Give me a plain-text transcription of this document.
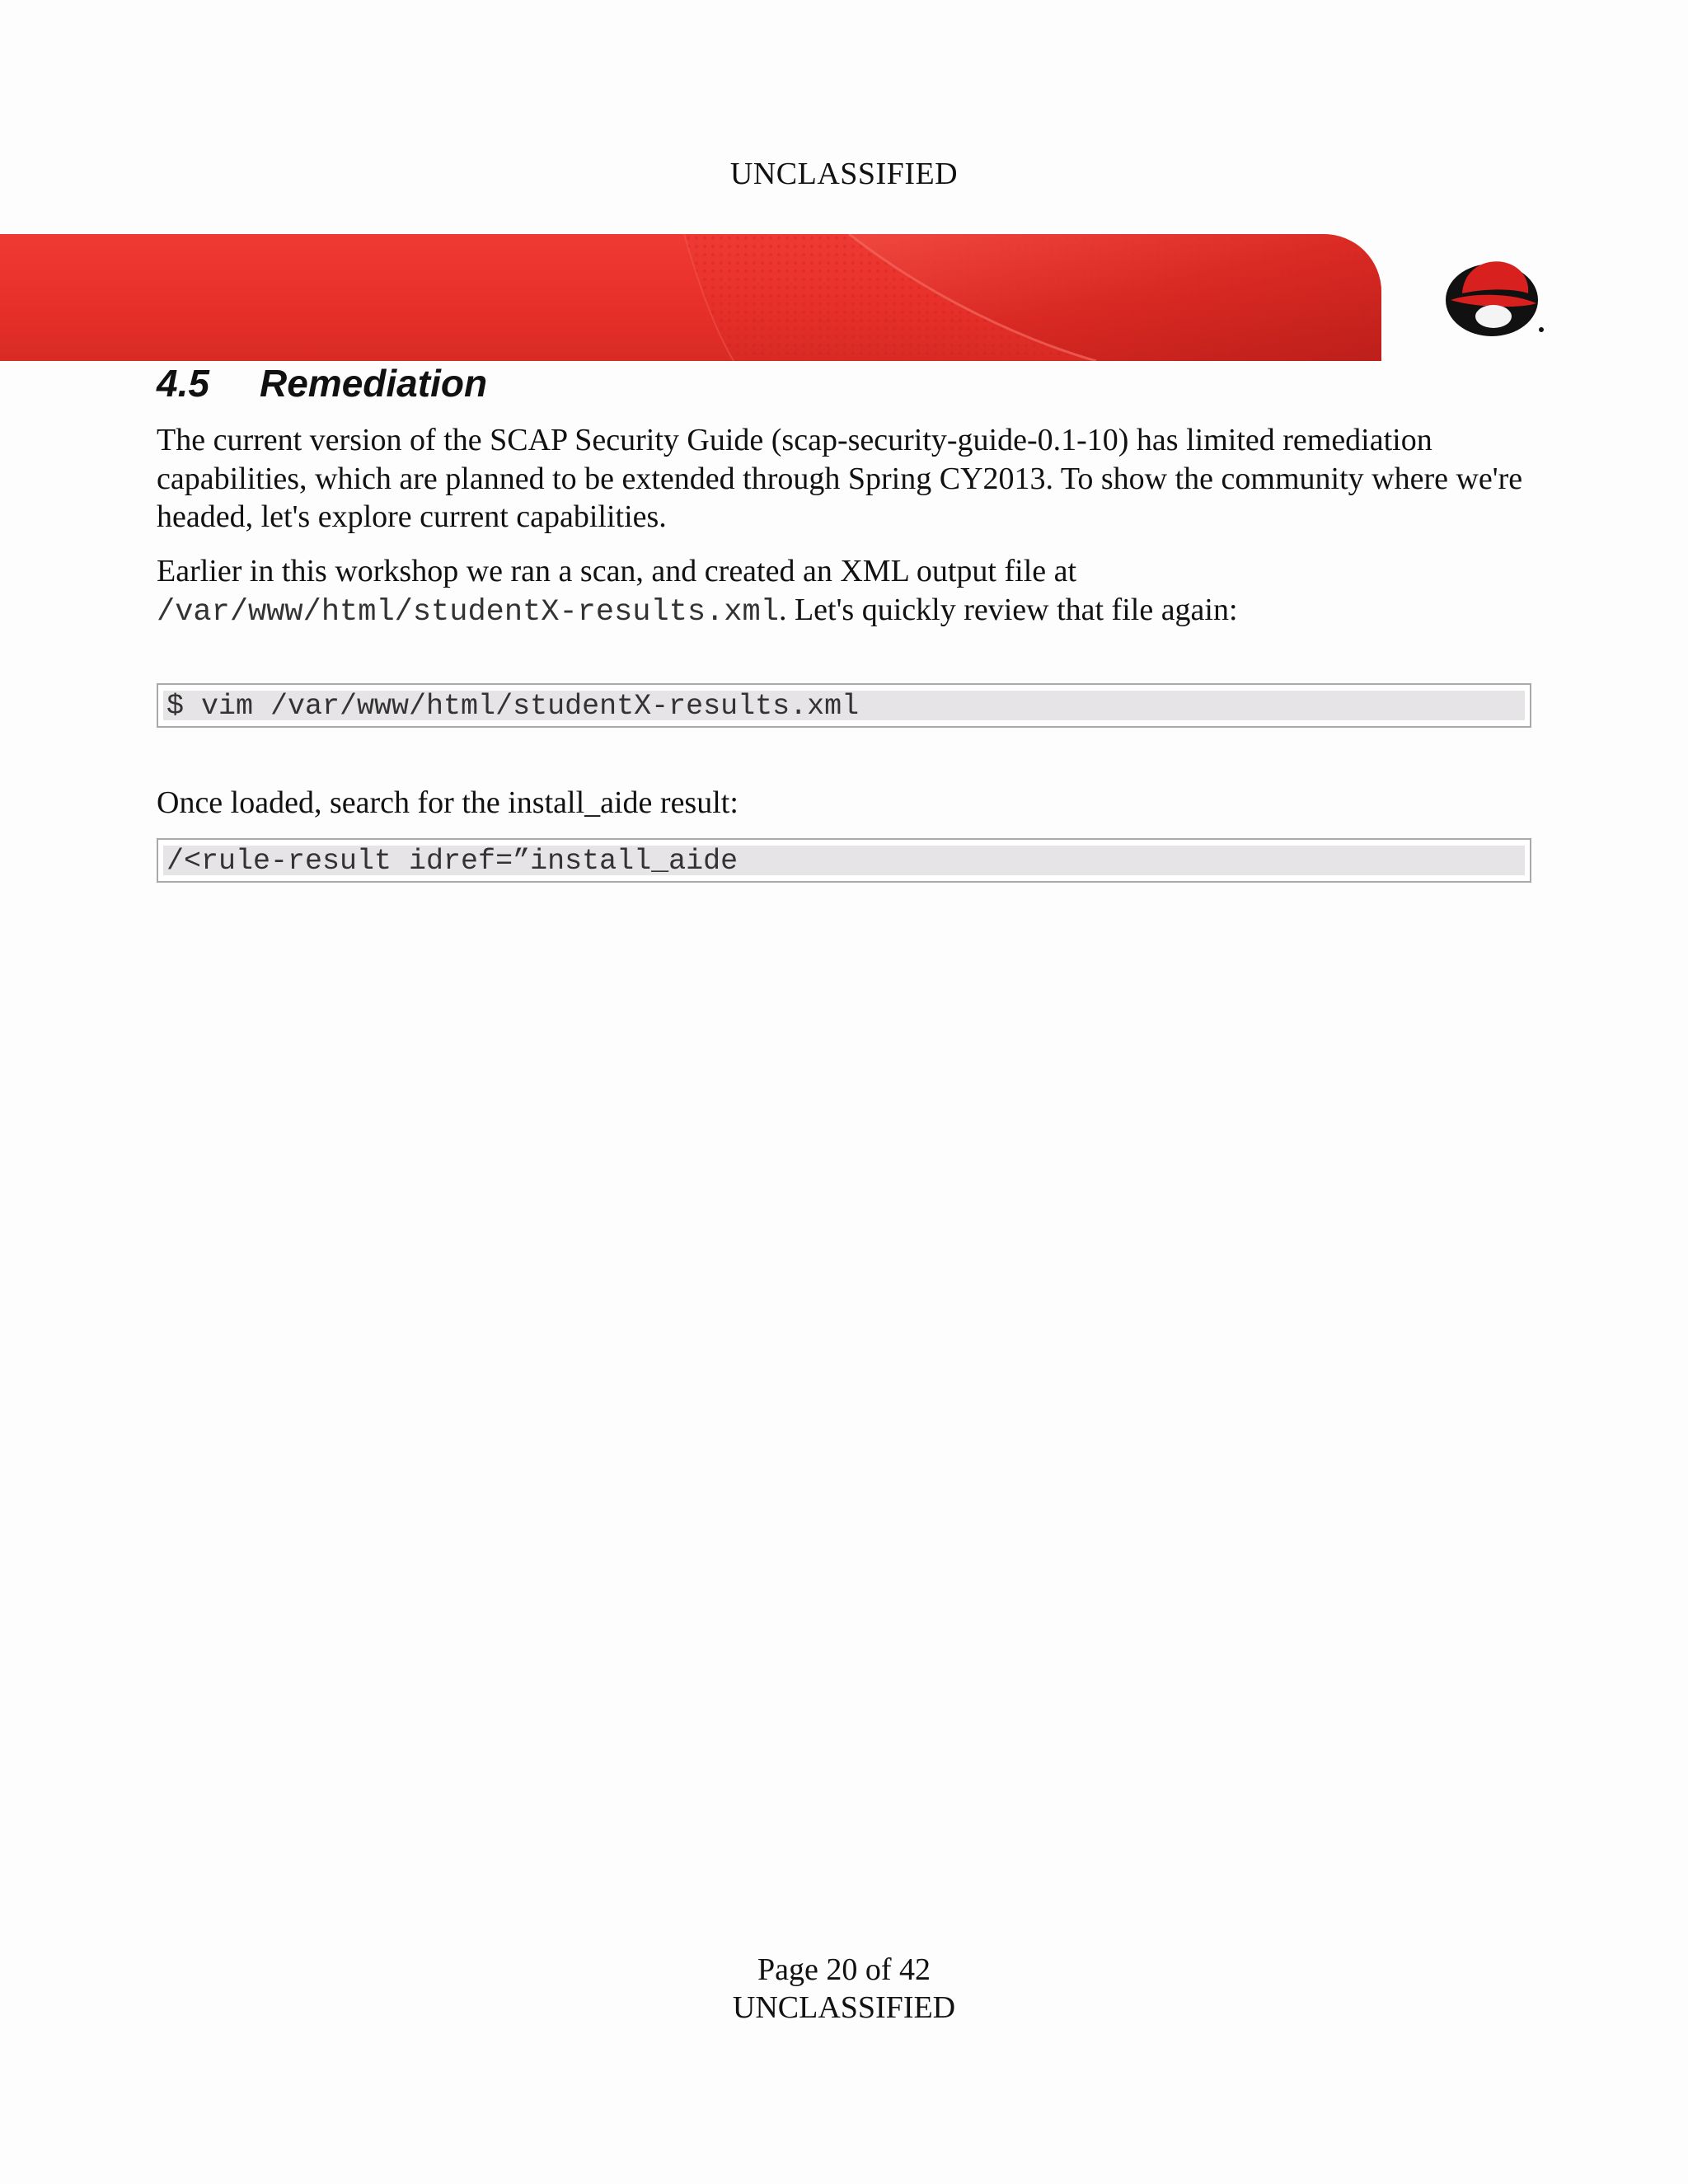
UNCLASSIFIED
4.5 Remediation

The current version of the SCAP Security Guide (scap-security-guide-0.1-10) has limited remediation capabilities, which are planned to be extended through Spring CY2013. To show the community where we're headed, let's explore current capabilities.

Earlier in this workshop we ran a scan, and created an XML output file at
/var/www/html/studentX-results.xml. Let's quickly review that file again:

$ vim /var/www/html/studentX-results.xml

Once loaded, search for the install_aide result:

/<rule-result idref=”install_aide
Page 20 of 42
UNCLASSIFIED
